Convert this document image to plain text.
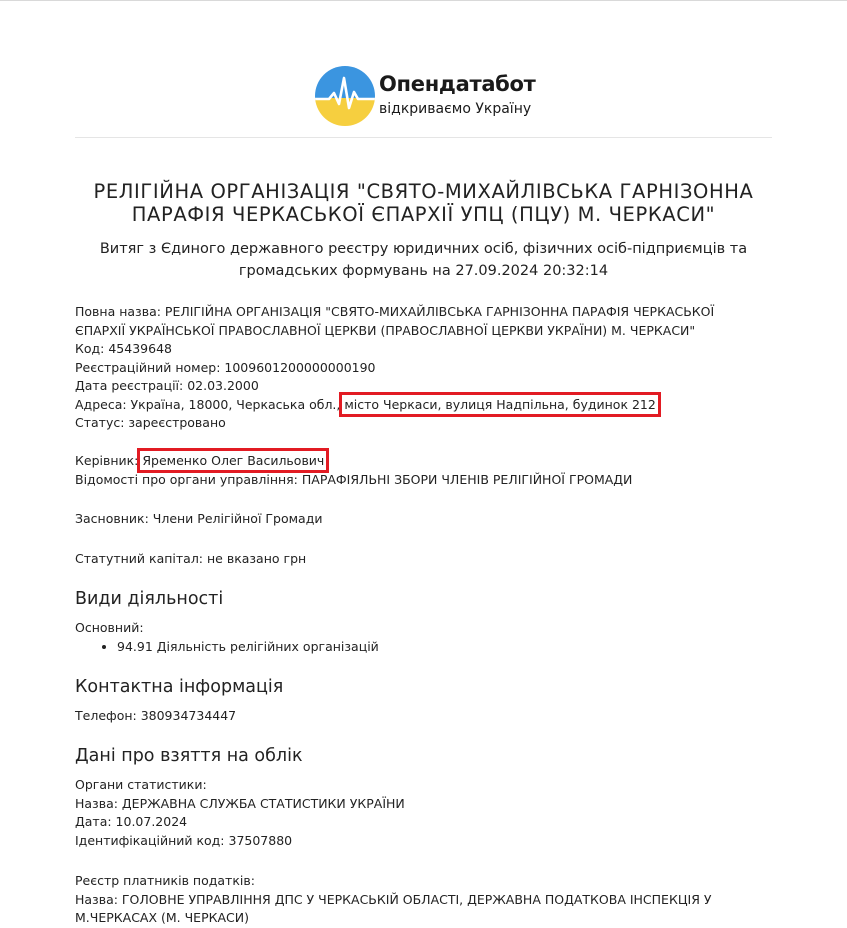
Опендатабот
відкриваємо Україну
РЕЛІГІЙНА ОРГАНІЗАЦІЯ "СВЯТО-МИХАЙЛІВСЬКА ГАРНІЗОННА
ПАРАФІЯ ЧЕРКАСЬКОЇ ЄПАРХІЇ УПЦ (ПЦУ) М. ЧЕРКАСИ"
Витяг з Єдиного державного реєстру юридичних осіб, фізичних осіб-підприємців та
громадських формувань на 27.09.2024 20:32:14
Повна назва: РЕЛІГІЙНА ОРГАНІЗАЦІЯ "СВЯТО-МИХАЙЛІВСЬКА ГАРНІЗОННА ПАРАФІЯ ЧЕРКАСЬКОЇ
ЄПАРХІЇ УКРАЇНСЬКОЇ ПРАВОСЛАВНОЇ ЦЕРКВИ (ПРАВОСЛАВНОЇ ЦЕРКВИ УКРАЇНИ) М. ЧЕРКАСИ"
Код: 45439648
Реєстраційний номер: 1009601200000000190
Дата реєстрації: 02.03.2000
Адреса: Україна, 18000, Черкаська обл., місто Черкаси, вулиця Надпільна, будинок 212
Статус: зареєстровано
Керівник: Яременко Олег Васильович
Відомості про органи управління: ПАРАФІЯЛЬНІ ЗБОРИ ЧЛЕНІВ РЕЛІГІЙНОЇ ГРОМАДИ
Засновник: Члени Релігійної Громади
Статутний капітал: не вказано грн
Види діяльності
Основний:
• 94.91 Діяльність релігійних організацій
Контактна інформація
Телефон: 380934734447
Дані про взяття на облік
Органи статистики:
Назва: ДЕРЖАВНА СЛУЖБА СТАТИСТИКИ УКРАЇНИ
Дата: 10.07.2024
Ідентифікаційний код: 37507880
Реєстр платників податків:
Назва: ГОЛОВНЕ УПРАВЛІННЯ ДПС У ЧЕРКАСЬКІЙ ОБЛАСТІ, ДЕРЖАВНА ПОДАТКОВА ІНСПЕКЦІЯ У
М.ЧЕРКАСАХ (М. ЧЕРКАСИ)
